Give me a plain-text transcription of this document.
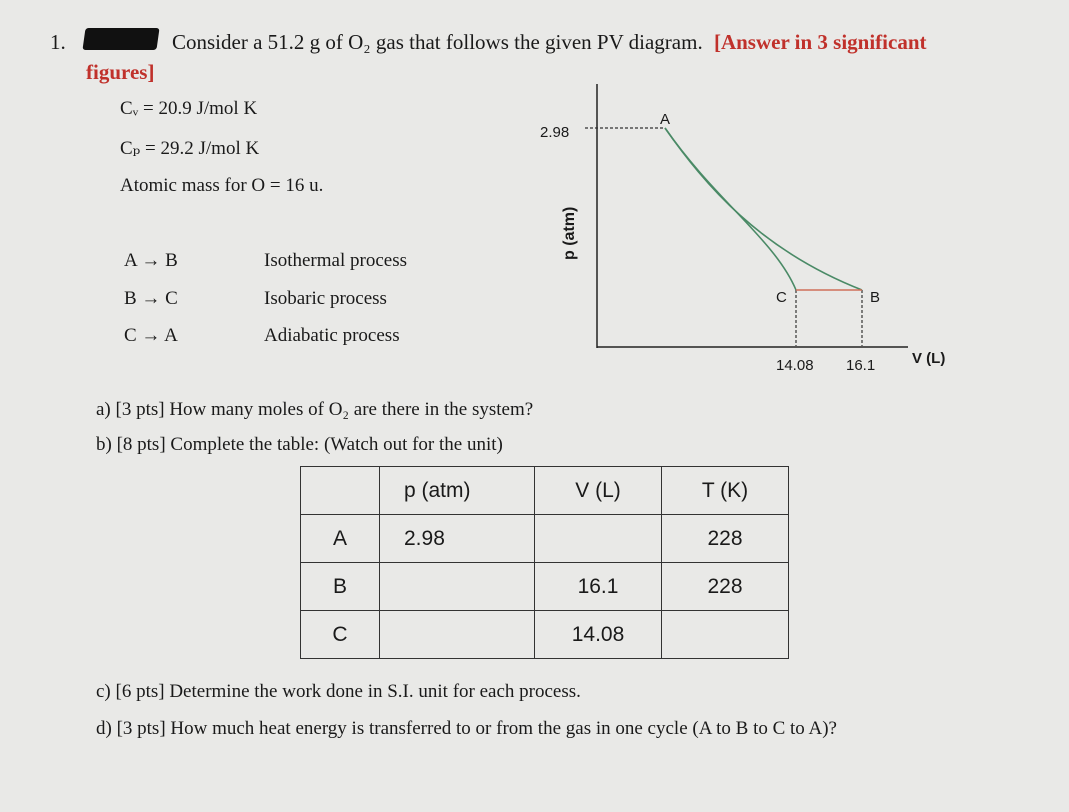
1.	Consider a 51.2 g of O₂ gas that follows the given PV diagram. [Answer in 3 significant
figures]
Cᵥ = 20.9 J/mol K
Cₚ = 29.2 J/mol K
Atomic mass for O = 16 u.
A → B	Isothermal process
B → C	Isobaric process
C → A	Adiabatic process
2.98
p (atm)
A
B
C
14.08 16.1 V (L)
a) [3 pts] How many moles of O₂ are there in the system?
b) [8 pts] Complete the table: (Watch out for the unit)
	p (atm)	V (L)	T (K)
A	2.98		228
B		16.1	228
C		14.08	
c) [6 pts] Determine the work done in S.I. unit for each process.
d) [3 pts] How much heat energy is transferred to or from the gas in one cycle (A to B to C to A)?
